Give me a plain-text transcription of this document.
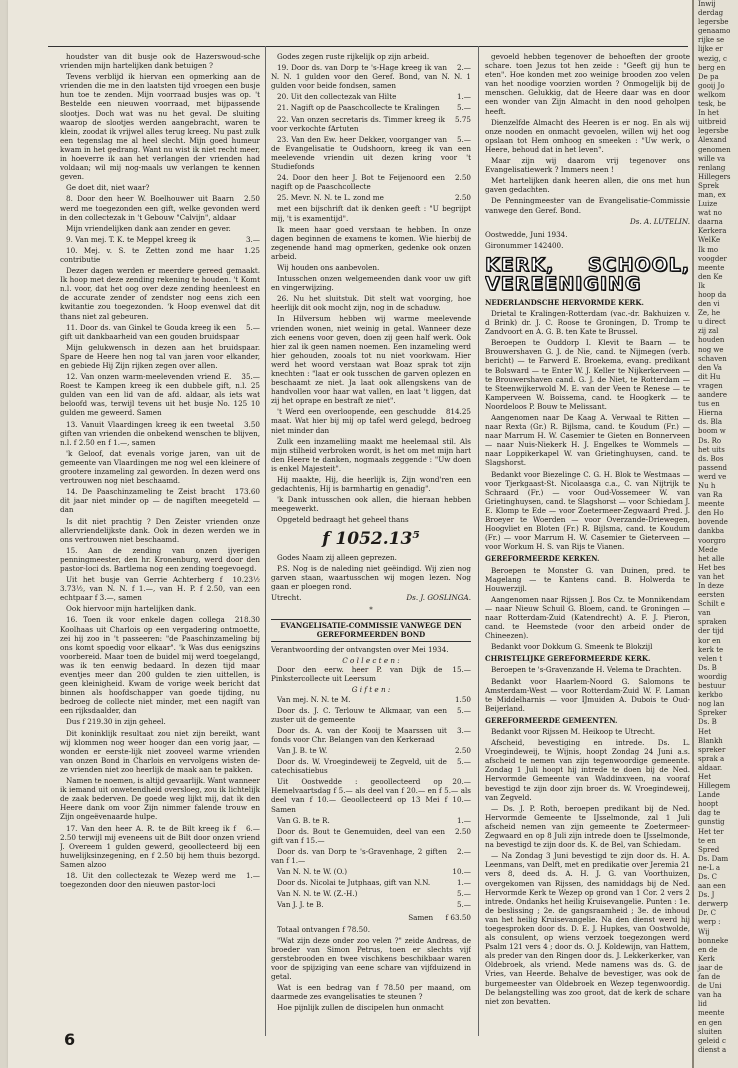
houdster van dit busje ook de Hazerswoud-sche vrienden mijn hartelijken dank betuigen ?

Tevens verblijd ik hiervan een opmerking aan de vrienden die me in den laatsten tijd vroegen een busje hun toe te zenden. Mijn voorraad busjes was op. 't Bestelde een nieuwen voorraad, met bijpassende slootjes. Doch wat was nu het geval. De sluiting waarop de slootjes werden aangebracht, waren te klein, zoodat ik vrijwel alles terug kreeg. Nu past zulk een tegenslag me al heel slecht. Mijn goed humeur kwam in het gedrang. Want nu wist ik niet recht meer, in hoeverre ik aan het verlangen der vrienden had voldaan; wil mij nog-maals uw verlangen te kennen geven.

Ge doet dit, niet waar?

2.50
8. Door den heer W. Boelhouwer uit Baarn werd me toegezonden een gift, welke gevonden werd in den collectezak in 't Gebouw "Calvijn", aldaar

Mijn vriendelijken dank aan zender en gever.

3.—
9. Van mej. T. K. te Meppel kreeg ik

1.25
10. Mej. v. S. te Zetten zond me haar contributie

Dezer dagen werden er meerdere gereed gemaakt. Ik hoop met deze zending rekening te houden. 't Komt n.l. voor, dat het oog over deze zending heenleest en de accurate zender of zendster nog eens zich een kwitantie zou toegezonden. 'k Hoop evenwel dat dit thans niet zal gebeuren.

5.—
11. Door ds. van Ginkel te Gouda kreeg ik een gift uit dankbaarheid van een gouden bruidspaar

Mijn gelukwensch in dezen aan het bruidspaar. Spare de Heere hen nog tal van jaren voor elkander, en gebiede Hij Zijn rijken zegen over allen.

35.—
12. Van onzen warm-meelevenden vriend E. Roest te Kampen kreeg ik een dubbele gift, n.l. 25 gulden van een lid van de afd. aldaar, als iets wat beloofd was, terwijl tevens uit het busje No. 125 10 gulden me geweerd. Samen

3.50
13. Vanuit Vlaardingen kreeg ik een tweetal giften van vrienden die onbekend wenschen te blijven, n.l. f 2.50 en f 1.—, samen

'k Geloof, dat evenals vorige jaren, van uit de gemeente van Vlaardingen me nog wel een kleinere of grootere inzameling zal geworden. In dezen werd ons vertrouwen nog niet beschaamd.

173.60
14. De Paaschinzameling te Zeist bracht dit jaar niet minder op — de nagiften meegeteld — dan

Is dit niet prachtig ? Den Zeister vrienden onze allervriendelijkste dank. Ook in dezen werden we in ons vertrouwen niet beschaamd.

15. Aan de zending van onzen ijverigen penningmeester, den hr. Kronenburg, werd door den pastor-loci ds. Bartlema nog een zending toegevoegd.

10.23½
Uit het busje van Gerrie Achterberg f 3.73½, van N. N. f 1.—, van H. P. f 2.50, van een echtpaar f 3.—, samen

Ook hiervoor mijn hartelijken dank.

218.30
16. Toen ik voor enkele dagen collega Koolhaas uit Charlois op een vergadering ontmoette, zei hij zoo in 't passeeren: "de Paaschinzameling bij ons komt spoedig voor elkaar". 'k Was dus eenigszins voorbereid. Maar toen de buidel mij werd toegelangd, was ik ten eenwig bedaard. In dezen tijd maar eventjes meer dan 200 gulden te zien uittellen, is geen kleinigheid. Kwam de vorige week bericht dat binnen als hoofdschapper van goede tijding, nu bedroeg de collecte niet minder, met een nagift van een rijksdaalder, dan

Dus f 219.30 in zijn geheel.

Dit koninklijk resultaat zou niet zijn bereikt, want wij klommen nog weer hooger dan een vorig jaar, — wonden er eerste-lijk niet zooveel warme vrienden van onzen Bond in Charlois en vervolgens wisten de-ze vrienden niet zoo heerlijk de maak aan te pakken.

Namen te noemen, is altijd gevaarlijk. Want wanneer ik iemand uit onwetendheid oversloeg, zou ik lichtelijk de zaak bederven. De goede weg lijkt mij, dat ik den Heere dank om voor Zijn nimmer falende trouw en Zijn ongeëvenaarde hulpe.

6.—
17. Van den heer A. R. te de Bilt kreeg ik f 2.50 terwijl mij eveneens uit de Bilt door onzen vriend J. Overeem 1 gulden gewerd, geoollecteerd bij een huwelijksinzegening, en f 2.50 bij hem thuis bezorgd. Samen alzoo

1.—
18. Uit den collectezak te Wezep werd me toegezonden door den nieuwen pastor-loci

Godes zegen ruste rijkelijk op zijn arbeid.

2.—
19. Door ds. van Dorp te 's-Hage kreeg ik van N. N. 1 gulden voor den Geref. Bond, van N. N. 1 gulden voor beide fondsen, samen

1.—
20. Uit den collectezak van Hilte

5.—
21. Nagift op de Paaschcollecte te Kralingen

5.75
22. Van onzen secretaris ds. Timmer kreeg ik voor verkochte fArtuten

5.—
23. Van den Ew. heer Dekker, voorganger van de Evangelisatie te Oudshoorn, kreeg ik van een meelevende vriendin uit dezen kring voor 't Studiefonds

2.50
24. Door den heer J. Bot te Feijenoord een nagift op de Paaschcollecte

2.50
25. Mevr. N. N. te L. zond me

met een bijschrift dat ik denken geeft : "U begrijpt mij, 't is examentijd".

Ik meen haar goed verstaan te hebben. In onze dagen beginnen de examens te komen. Wie hierbij de zegenende hand mag opmerken, gedenke ook onzen arbeid.

Wij houden ons aanbevolen.

Intusschen onzen welgemeenden dank voor uw gift en vingerwijzing.

26. Nu het sluitstuk. Dit stelt wat voorging, hoe heerlijk dit ook mocht zijn, nog in de schaduw.

In Hilversum hebben wij warme meelevende vrienden wonen, niet weinig in getal. Wanneer deze zich eenens voor geven, doen zij geen half werk. Ook hier zal ik geen namen noemen. Een inzameling werd hier gehouden, zooals tot nu niet voorkwam. Hier werd het woord verstaan wat Boaz sprak tot zijn knechten : "laat er ook tusschen de garven oplezen en beschaamt ze niet. Ja laat ook allengskens van de handvollen voor haar wat vallen, en laat 't liggen, dat zij het oprape en bestraft ze niet".

814.25
't Werd een overloopende, een geschudde maat. Wat hier bij mij op tafel werd gelegd, bedroeg niet minder dan

Zulk een inzameliing maakt me heelemaal stil. Als mijn stilheid verbroken wordt, is het om met mijn hart den Heere te danken, nogmaals zeggende : "Uw doen is enkel Majesteit".

Hij maakte, Hij, die heerlijk is, Zijn wond'ren een gedachtenis, Hij is barmhartig en genadig".

'k Dank intusschen ook allen, die hieraan hebben meegewerkt.

Opgeteld bedraagt het geheel thans

f 1052.13⁵

Godes Naam zij alleen geprezen.

P.S. Nog is de naleding niet geëindigd. Wij zien nog garven staan, waartusschen wij mogen lezen. Nog gaan er ploegen rond.

Utrecht.	Ds. J. GOSLINGA.
*
EVANGELISATIE-COMMISSIE VANWEGE DEN GEREFORMEERDEN BOND

Verantwoording der ontvangsten over Mei 1934.

C o l l e c t e n :

15.—
Door den eerw. heer P. van Dijk de Pinkstercollecte uit Leersum

G i f t e n :

1.50
Van mej. N. N. te M.

5.—
Door ds. J. C. Terlouw te Alkmaar, van een zuster uit de gemeente

3.—
Door ds. A. van der Kooij te Maarssen uit fonds voor Chr. Belangen van den Kerkeraad

2.50
Van J. B. te W.

5.—
Door ds. W. Vroegindeweij te Zegveld, uit de catechisatiebus

20.—
Uit Oostwedde : geoollecteerd op Hemelvaartsdag f 5.— als deel van f 20.— en f 5.— als deel van f 10.— Geoollecteerd op 13 Mei f 10.— Samen

1.—
Van G. B. te R.

2.50
Door ds. Bout te Genemuiden, deel van een gift van f 15.—

2.—
Door ds. van Dorp te 's-Gravenhage, 2 giften van f 1.—

10.—
Van N. N. te W. (O.)

1.—
Door ds. Nicolai te Jutphaas, gift van N.N.

5.—
Van N. N. te W. (Z.-H.)

5.—
Van J. J. te B.

Samen f 63.50

Totaal ontvangen f 78.50.

"Wat zijn deze onder zoo velen ?" zeide Andreas, de broeder van Simon Petrus, toen er slechts vijf gerstebrooden en twee vischkens beschikbaar waren voor de spijziging van eene schare van vijfduizend in getal.

Wat is een bedrag van f 78.50 per maand, om daarmede zes evangelisaties te steunen ?

Hoe pijnlijk zullen de discipelen hun onmacht

gevoeld hebben tegenover de behoeften der groote schare. toen Jezus tot hen zeide : "Geeft gij hun te eten". Hoe konden met zoo weinige brooden zoo velen van het noodige voorzien worden ? Onmogelijk bij de menschen. Gelukkig, dat de Heere daar was en door een wonder van Zijn Almacht in den nood geholpen heeft.

Dienzelfde Almacht des Heeren is er nog. En als wij onze nooden en onmacht gevoelen, willen wij het oog opslaan tot Hem omhoog en smeeken : "Uw werk, o Heere, behoud dat in het leven".

Maar zijn wij daarom vrij tegenover ons Evangelisatiewerk ? Immers neen !

Met hartelijken dank heeren allen, die ons met hun gaven gedachten.

De Penningmeester van de Evangelisatie-Commissie vanwege den Geref. Bond.

Ds. A. LUTELIN.

Oostwedde, Juni 1934.

Gironummer 142400.

KERK, SCHOOL, VEREENIGING
NEDERLANDSCHE HERVORMDE KERK.

Drietal te Kralingen-Rotterdam (vac.-dr. Bakhuizen v. d Brink) dr. J. C. Roose te Groningen, D. Tromp te Zandvoort en A. G. B. ten Kate te Brussel.

Beroepen te Ouddorp I. Klevit te Baarn — te Brouwershaven G. J. de Nie, cand. te Nijmegen (verb. bericht) — te Farwerd E. Broekema, evang. predikant te Bolsward — te Enter W. J. Keller te Nijkerkerveen — te Brouwershaven cand. G. J. de Niet, te Rotterdam — te Steenwijkerwold M. E. van der Veen te Renese — te Kamperveen W. Boissema, cand. te Hoogkerk — te Noordeloos P. Bouw te Melissant.

Aangenomen naar De Kaag A. Verwaal te Ritten — naar Rexta (Gr.) R. Bijlsma, cand. te Koudum (Fr.) — naar Marrum H. W. Casemier te Gieten en Bonnerveen — naar Nuis-Niekerk H. J. Engelkes te Wommels — naar Loppikerkapel W. van Grietinghuysen, cand. te Slagshorst.

Bedankt voor Biezelinge C. G. H. Blok te Westmaas — voor Tjerkgaast-St. Nicolaasga c.a., C. van Nijtrijk te Schraard (Fr.) — voor Oud-Vossemeer W. van Grietinghuysen, cand. te Slagshorst — voor Schiedam J. E. Klomp te Ede — voor Zoetermeer-Zegwaard Pred. J. Broeyer te Woerden — voor Overzande-Driewegen, Hoogvliet en Bloten (Fr.) R. Bijlsma, cand. te Koudum (Fr.) — voor Marrum H. W. Casemier te Gieterveen — voor Workum H. S. van Rijs te Vianen.

GEREFORMEERDE KERKEN.

Beroepen te Monster G. van Duinen, pred. te Magelang — te Kantens cand. B. Holwerda te Houwerzijl.

Aangenomen naar Rijssen J. Bos Cz. te Monnikendam — naar Nieuw Schuil G. Bloem, cand. te Groningen — naar Rotterdam-Zuid (Katendrecht) A. F. J. Pieron, cand. te Heemstede (voor den arbeid onder de Chineezen).

Bedankt voor Dokkum G. Smeenk te Blokzijl

CHRISTELIJKE GEREFORMEERDE KERK.

Beroepen te 's-Gravenzande H. Velema te Drachten.

Bedankt voor Haarlem-Noord G. Salomons te Amsterdam-West — voor Rotterdam-Zuid W. F. Laman te Middelharnis — voor IJmuiden A. Dubois te Oud-Beijerland.

GEREFORMEERDE GEMEENTEN.

Bedankt voor Rijssen M. Heikoop te Utrecht.

Afscheid, bevestiging en intrede. Ds. L. Vroegindeweij, te Wijnis, hoopt Zondag 24 Juni a.s. afscheid te nemen van zijn tegenwoordige gemeente. Zondag 1 Juli hoopt hij intrede te doen bij de Ned. Hervormde Gemeente van Waddinxveen, na vooraf bevestigd te zijn door zijn broer ds. W. Vroegindeweij, van Zegveld.

— Ds. J. P. Roth, beroepen predikant bij de Ned. Hervormde Gemeente te IJsselmonde, zal 1 Juli afscheid nemen van zijn gemeente te Zoetermeer-Zegwaard en op 8 Juli zijn intrede doen te IJsselmonde, na bevestigd te zijn door ds. K. de Bel, van Schiedam.

— Na Zondag 3 Juni bevestigd te zijn door ds. H. A. Leenmans, van Delft, met en predikatie over Jeremia 21 vers 8, deed ds. A. H. J. G. van Voorthuizen, overgekomen van Rijssen, des namiddags bij de Ned. Hervormde Kerk te Wezep op grond van 1 Cor. 2 vers 2 intrede. Ondanks het heilig Kruisevangelie. Punten : 1e. de beslissing ; 2e. de gangsraamheid ; 3e. de inhoud van het heilig Kruisevangelie. Na den dienst werd hij toegesproken door ds. D. E. J. Hupkes, van Oostwolde, als consulent, op wiens verzoek toegezongen werd Psalm 121 vers 4 ; door ds. O. J. Koldewijn, van Hattem, als preder van den Ringen door ds. J. Lekkerkerker, van Oldebroek, als vriend. Mede namens was ds. G. de Vries, van Heerde. Behalve de bevestiger, was ook de burgemeester van Oldebroek en Wezep tegenwoordig. De belangstelling was zoo groot, dat de kerk de schare niet zon bevatten.

6
Inwij
derdag
legersbe
genaamo
rijke se
lijke er
wezig, c
berg en
De pa
gooij Jo
welkom
tesk, be
In het
uitbreid
legersbe
Alexand
genomen
wille va
renlang
Hillegers
Sprek
man, ex
Luize
wat no
daarna
Kerkera
WelKe
Ik mo
voogder
meente
den Ke
Ik
hoop da
den vi
Ze, he
u direct
zij zal
houden
nog we
schaven
den Va
dit Hu
vragen
aandere
tus en
Hierna
ds. Bla
boom w
Ds. Ro
het uits
ds. Bos
passend
werd ve
Nu h
van Ra
meente
den Ho
bovende
dankba
voorgro
Mede
het alle
Het bes
van het
In deze
eersten
Schilt e
van
spraken
der tijd
kor en
kerk te
velen t
Ds. B
woordig
bestuur
kerkbo
nog lan
Spreker
Ds. B
Het
Blankh
spreker
sprak a
aldaar.
Het
Hillegem
Lande
hoopt
dag te
gunstig
Het ter
te en
Spred
Ds. Dam
ne-L a
Ds. C
aan een
Ds. J
derwerp
Dr. C
werp :
Wij
bonneke
en de
Kerk
jaar de
fan de
de Uni
van ha
lid
meente
en gen
sluiten
geleid c
dienst a
